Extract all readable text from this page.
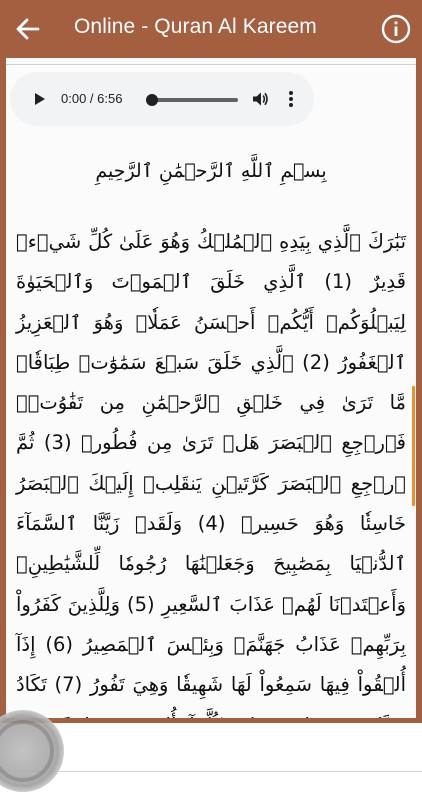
Online - Quran Al Kareem
0:00 / 6:56
بِسۡمِ ٱللَّهِ ٱلرَّحۡمَٰنِ ٱلرَّحِيمِ
تَبَٰرَكَ ٱلَّذِي بِيَدِهِ ٱلۡمُلۡكُ وَهُوَ عَلَىٰ كُلِّ شَيۡءٖ قَدِيرٌ (1) ٱلَّذِي خَلَقَ ٱلۡمَوۡتَ وَٱلۡحَيَوٰةَ لِيَبۡلُوَكُمۡ أَيُّكُمۡ أَحۡسَنُ عَمَلٗاۚ وَهُوَ ٱلۡعَزِيزُ ٱلۡغَفُورُ (2) ٱلَّذِي خَلَقَ سَبۡعَ سَمَٰوَٰتٖ طِبَاقٗاۖ مَّا تَرَىٰ فِي خَلۡقِ ٱلرَّحۡمَٰنِ مِن تَفَٰوُتٖۖ فَٱرۡجِعِ ٱلۡبَصَرَ هَلۡ تَرَىٰ مِن فُطُورٖ (3) ثُمَّ ٱرۡجِعِ ٱلۡبَصَرَ كَرَّتَيۡنِ يَنقَلِبۡ إِلَيۡكَ ٱلۡبَصَرُ خَاسِئٗا وَهُوَ حَسِيرٞ (4) وَلَقَدۡ زَيَّنَّا ٱلسَّمَآءَ ٱلدُّنۡيَا بِمَصَٰبِيحَ وَجَعَلۡنَٰهَا رُجُومٗا لِّلشَّيَٰطِينِۖ وَأَعۡتَدۡنَا لَهُمۡ عَذَابَ ٱلسَّعِيرِ (5) وَلِلَّذِينَ كَفَرُواْ بِرَبِّهِمۡ عَذَابُ جَهَنَّمَۖ وَبِئۡسَ ٱلۡمَصِيرُ (6) إِذَآ أُلۡقُواْ فِيهَا سَمِعُواْ لَهَا شَهِيقٗا وَهِيَ تَفُورُ (7) تَكَادُ
